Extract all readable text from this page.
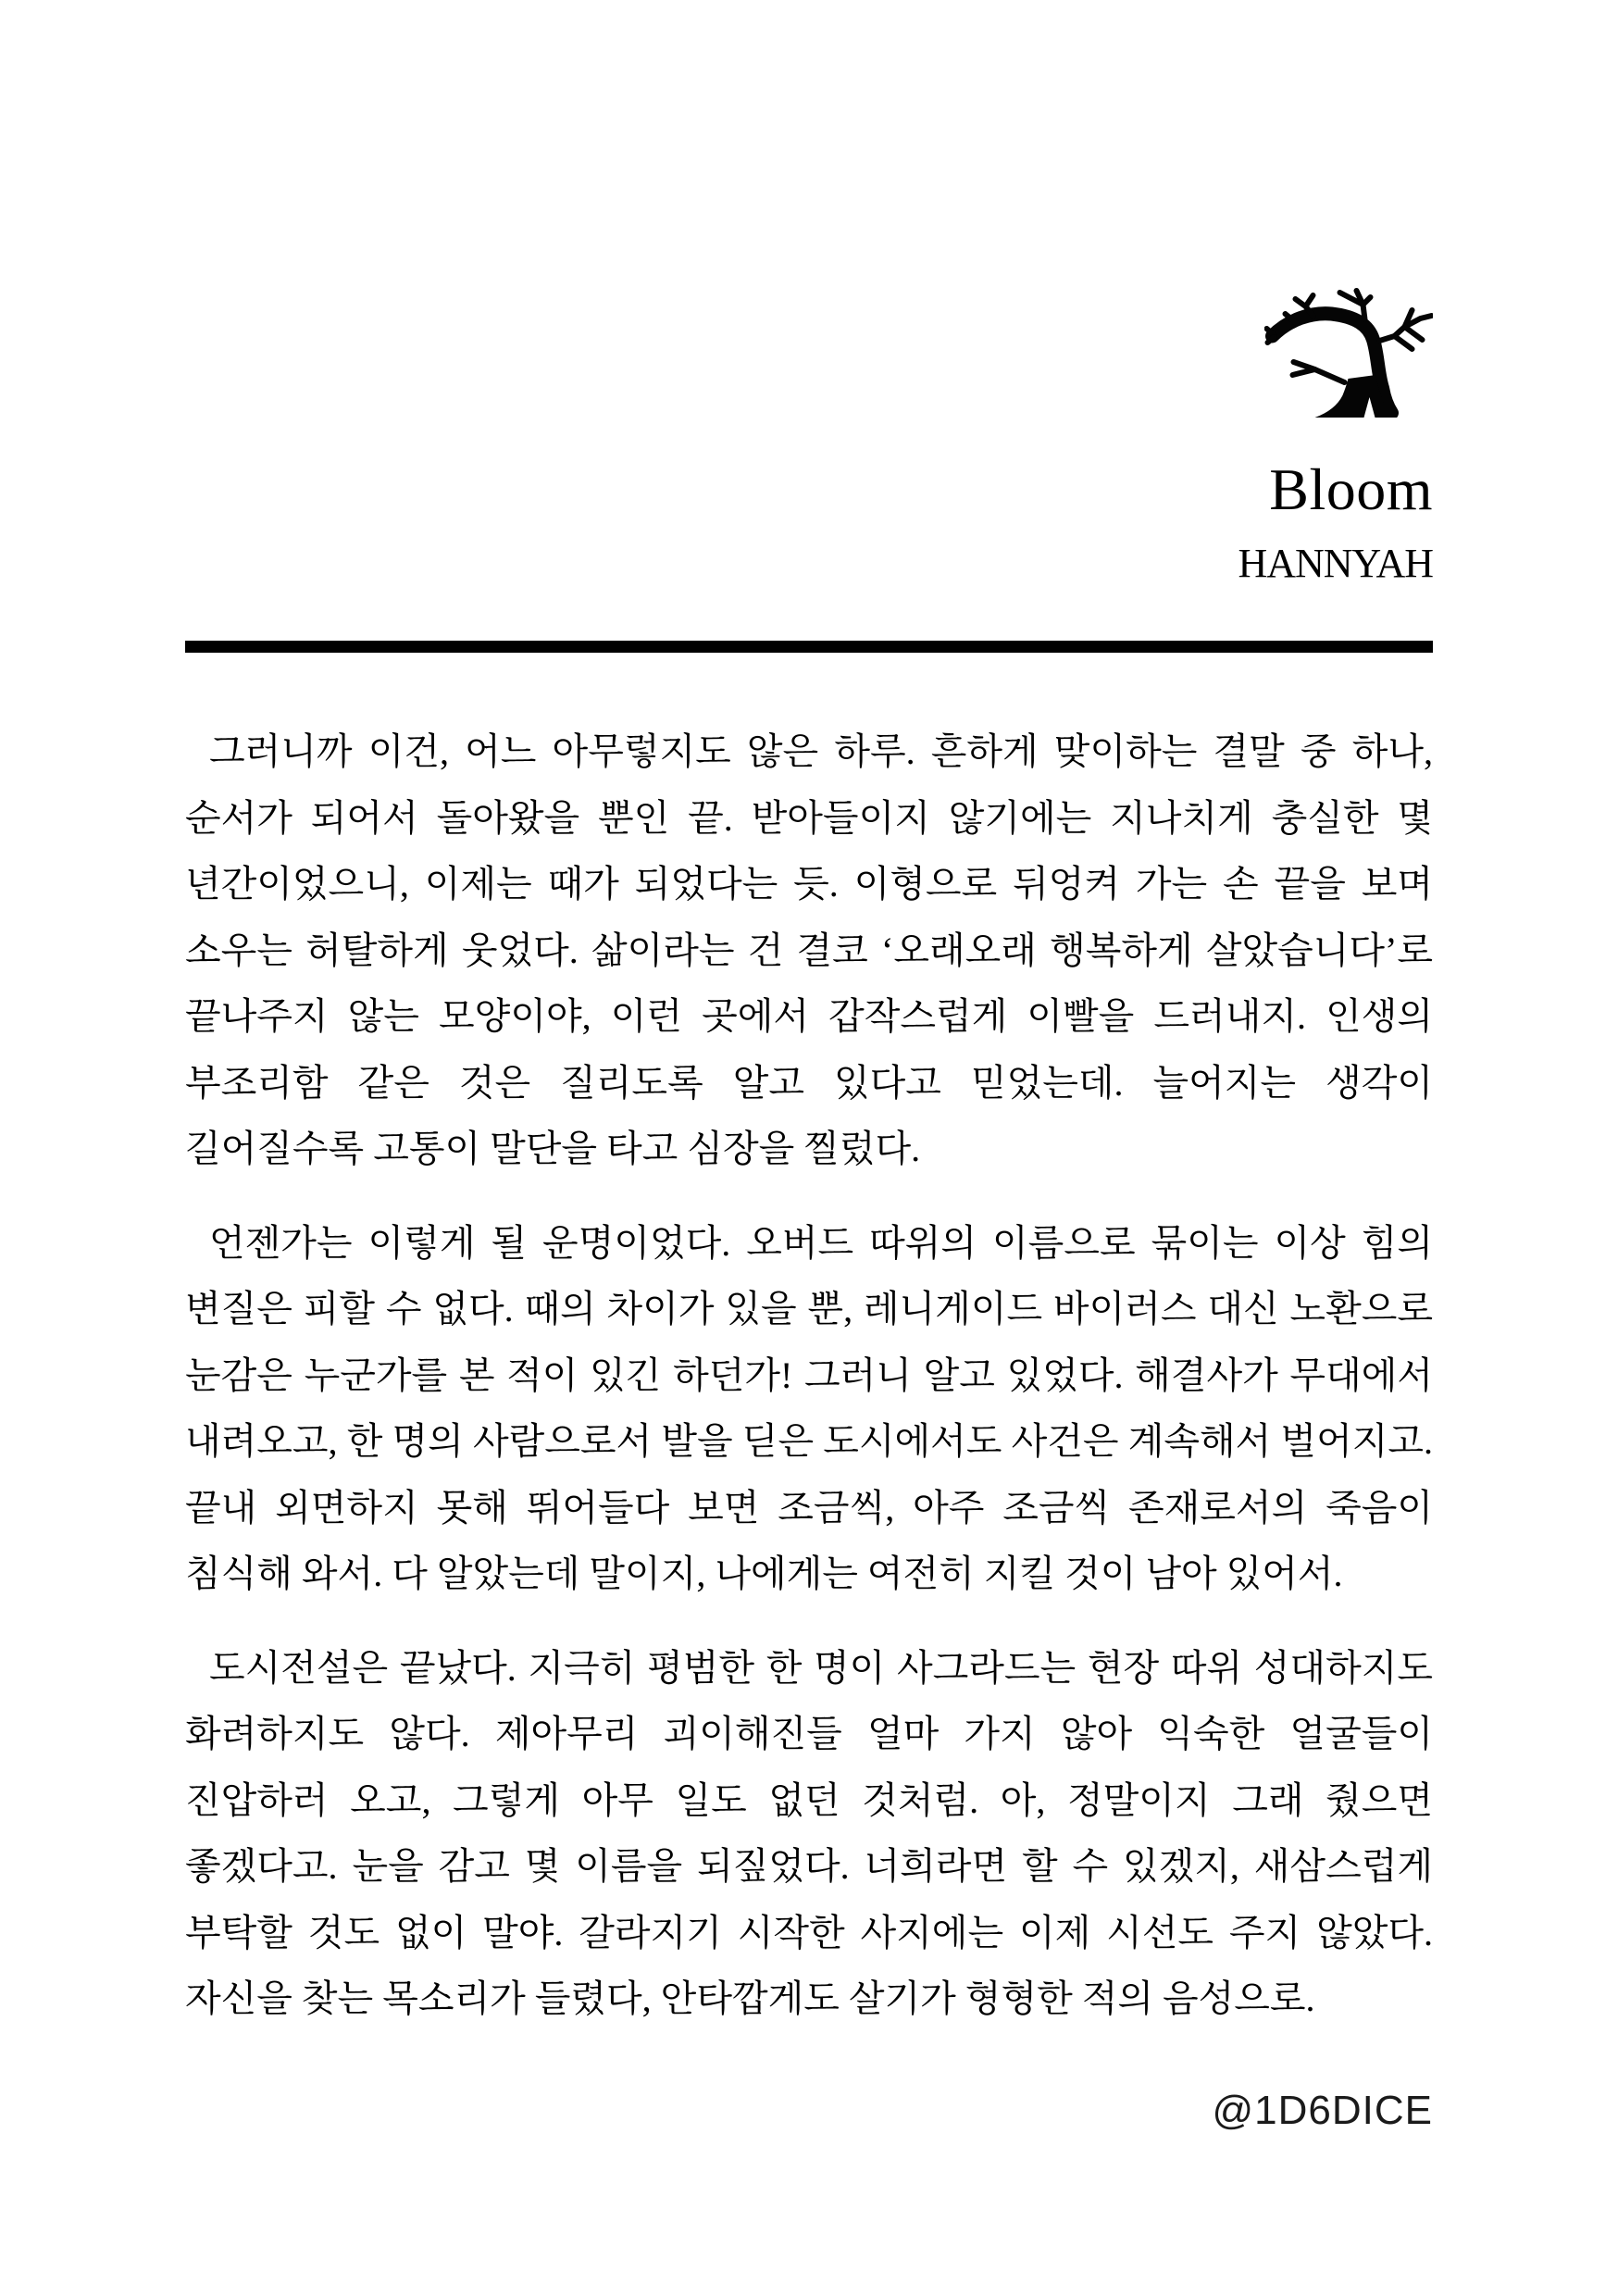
Bloom
HANNYAH

그러니까 이건, 어느 아무렇지도 않은 하루. 흔하게 맞이하는 결말 중 하나, 순서가 되어서 돌아왔을 뿐인 끝. 받아들이지 않기에는 지나치게 충실한 몇 년간이었으니, 이제는 때가 되었다는 듯. 이형으로 뒤엉켜 가는 손 끝을 보며 소우는 허탈하게 웃었다. 삶이라는 건 결코 ‘오래오래 행복하게 살았습니다’로 끝나주지 않는 모양이야, 이런 곳에서 갑작스럽게 이빨을 드러내지. 인생의 부조리함 같은 것은 질리도록 알고 있다고 믿었는데. 늘어지는 생각이 길어질수록 고통이 말단을 타고 심장을 찔렀다.

언젠가는 이렇게 될 운명이었다. 오버드 따위의 이름으로 묶이는 이상 힘의 변질은 피할 수 없다. 때의 차이가 있을 뿐, 레니게이드 바이러스 대신 노환으로 눈감은 누군가를 본 적이 있긴 하던가! 그러니 알고 있었다. 해결사가 무대에서 내려오고, 한 명의 사람으로서 발을 딛은 도시에서도 사건은 계속해서 벌어지고. 끝내 외면하지 못해 뛰어들다 보면 조금씩, 아주 조금씩 존재로서의 죽음이 침식해 와서. 다 알았는데 말이지, 나에게는 여전히 지킬 것이 남아 있어서.

도시전설은 끝났다. 지극히 평범한 한 명이 사그라드는 현장 따위 성대하지도 화려하지도 않다. 제아무리 괴이해진들 얼마 가지 않아 익숙한 얼굴들이 진압하러 오고, 그렇게 아무 일도 없던 것처럼. 아, 정말이지 그래 줬으면 좋겠다고. 눈을 감고 몇 이름을 되짚었다. 너희라면 할 수 있겠지, 새삼스럽게 부탁할 것도 없이 말야. 갈라지기 시작한 사지에는 이제 시선도 주지 않았다. 자신을 찾는 목소리가 들렸다, 안타깝게도 살기가 형형한 적의 음성으로.

@1D6DICE
